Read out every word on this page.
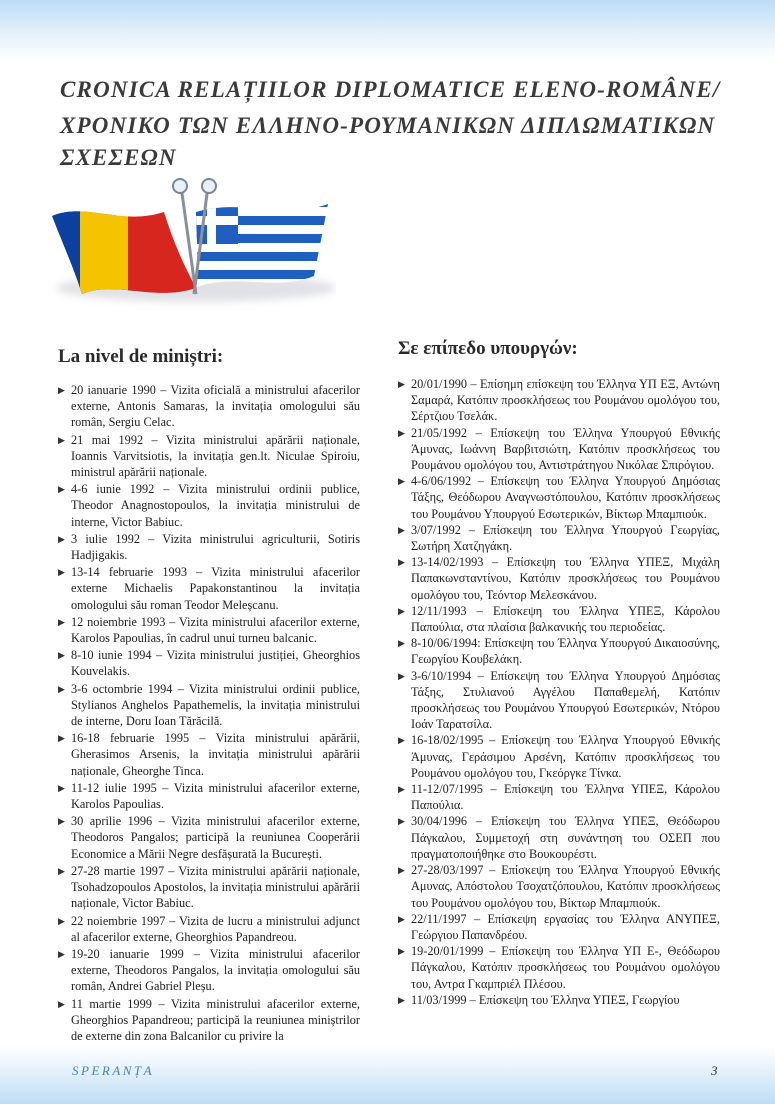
CRONICA RELAȚIILOR DIPLOMATICE ELENO-ROMÂNE/
ΧΡΟΝΙΚΟ ΤΩΝ ΕΛΛΗΝΟ-ΡΟΥΜΑΝΙΚΩΝ ΔΙΠΛΩΜΑΤΙΚΩΝ ΣΧΕΣΕΩΝ
La nivel de miniștri:
▶ 20 ianuarie 1990 – Vizita oficială a ministrului afacerilor externe, Antonis Samaras, la invitația omologului său român, Sergiu Celac.
▶ 21 mai 1992 – Vizita ministrului apărării naționale, Ioannis Varvitsiotis, la invitația gen.lt. Niculae Spiroiu, ministrul apărării naționale.
▶ 4-6 iunie 1992 – Vizita ministrului ordinii publice, Theodor Anagnostopoulos, la invitația ministrului de interne, Victor Babiuc.
▶ 3 iulie 1992 – Vizita ministrului agriculturii, Sotiris Hadjigakis.
▶ 13-14 februarie 1993 – Vizita ministrului afacerilor externe Michaelis Papakonstantinou la invitația omologului său roman Teodor Meleșcanu.
▶ 12 noiembrie 1993 – Vizita ministrului afacerilor externe, Karolos Papoulias, în cadrul unui turneu balcanic.
▶ 8-10 iunie 1994 – Vizita ministrului justiției, Gheorghios Kouvelakis.
▶ 3-6 octombrie 1994 – Vizita ministrului ordinii publice, Stylianos Anghelos Papathemelis, la invitația ministrului de interne, Doru Ioan Tărăcilă.
▶ 16-18 februarie 1995 – Vizita ministrului apărării, Gherasimos Arsenis, la invitația ministrului apărării naționale, Gheorghe Tinca.
▶ 11-12 iulie 1995 – Vizita ministrului afacerilor externe, Karolos Papoulias.
▶ 30 aprilie 1996 – Vizita ministrului afacerilor externe, Theodoros Pangalos; participă la reuniunea Cooperării Economice a Mării Negre desfășurată la București.
▶ 27-28 martie 1997 – Vizita ministrului apărării naționale, Tsohadzopoulos Apostolos, la invitația ministrului apărării naționale, Victor Babiuc.
▶ 22 noiembrie 1997 – Vizita de lucru a ministrului adjunct al afacerilor externe, Gheorghios Papandreou.
▶ 19-20 ianuarie 1999 – Vizita ministrului afacerilor externe, Theodoros Pangalos, la invitația omologului său român, Andrei Gabriel Pleșu.
▶ 11 martie 1999 – Vizita ministrului afacerilor externe, Gheorghios Papandreou; participă la reuniunea miniștrilor de externe din zona Balcanilor cu privire la
Σε επίπεδο υπουργών:
▶ 20/01/1990 – Επίσημη επίσκεψη του Έλληνα ΥΠ ΕΞ, Αντώνη Σαμαρά, Κατόπιν προσκλήσεως του Ρουμάνου ομολόγου του, Σέρτζιου Τσελάκ.
▶ 21/05/1992 – Επίσκεψη του Έλληνα Υπουργού Εθνικής Άμυνας, Ιωάννη Βαρβιτσιώτη, Κατόπιν προσκλήσεως του Ρουμάνου ομολόγου του, Αντιστράτηγου Νικόλαε Σπιρόγιου.
▶ 4-6/06/1992 – Επίσκεψη του Έλληνα Υπουργού Δημόσιας Τάξης, Θεόδωρου Αναγνωστόπουλου, Κατόπιν προσκλήσεως του Ρουμάνου Υπουργού Εσωτερικών, Βίκτωρ Μπαμπιούκ.
▶ 3/07/1992 – Επίσκεψη του Έλληνα Υπουργού Γεωργίας, Σωτήρη Χατζηγάκη.
▶ 13-14/02/1993 – Επίσκεψη του Έλληνα ΥΠΕΞ, Μιχάλη Παπακωνσταντίνου, Κατόπιν προσκλήσεως του Ρουμάνου ομολόγου του, Τεόντορ Μελεσκάνου.
▶ 12/11/1993 – Επίσκεψη του Έλληνα ΥΠΕΞ, Κάρολου Παπούλια, στα πλαίσια βαλκανικής του περιοδείας.
▶ 8-10/06/1994: Επίσκεψη του Έλληνα Υπουργού Δικαιοσύνης, Γεωργίου Κουβελάκη.
▶ 3-6/10/1994 – Επίσκεψη του Έλληνα Υπουργού Δημόσιας Τάξης, Στυλιανού Αγγέλου Παπαθεμελή, Κατόπιν προσκλήσεως του Ρουμάνου Υπουργού Εσωτερικών, Ντόρου Ιοάν Ταρατσίλα.
▶ 16-18/02/1995 – Επίσκεψη του Έλληνα Υπουργού Εθνικής Άμυνας, Γεράσιμου Αρσένη, Κατόπιν προσκλήσεως του Ρουμάνου ομολόγου του, Γκεόργκε Τίνκα.
▶ 11-12/07/1995 – Επίσκεψη του Έλληνα ΥΠΕΞ, Κάρολου Παπούλια.
▶ 30/04/1996 – Επίσκεψη του Έλληνα ΥΠΕΞ, Θεόδωρου Πάγκαλου, Συμμετοχή στη συνάντηση του ΟΣΕΠ που πραγματοποιήθηκε στο Βουκουρέστι.
▶ 27-28/03/1997 – Επίσκεψη του Έλληνα Υπουργού Εθνικής Αμυνας, Απόστολου Τσοχατζόπουλου, Κατόπιν προσκλήσεως του Ρουμάνου ομολόγου του, Βίκτωρ Μπαμπιούκ.
▶ 22/11/1997 – Επίσκεψη εργασίας του Έλληνα ΑΝΥΠΕΞ, Γεώργιου Παπανδρέου.
▶ 19-20/01/1999 – Επίσκεψη του Έλληνα ΥΠ Ε-, Θεόδωρου Πάγκαλου, Κατόπιν προσκλήσεως του Ρουμάνου ομολόγου του, Αντρα Γκαμπριέλ Πλέσου.
▶ 11/03/1999 – Επίσκεψη του Έλληνα ΥΠΕΞ, Γεωργίου
SPERANȚA	3
